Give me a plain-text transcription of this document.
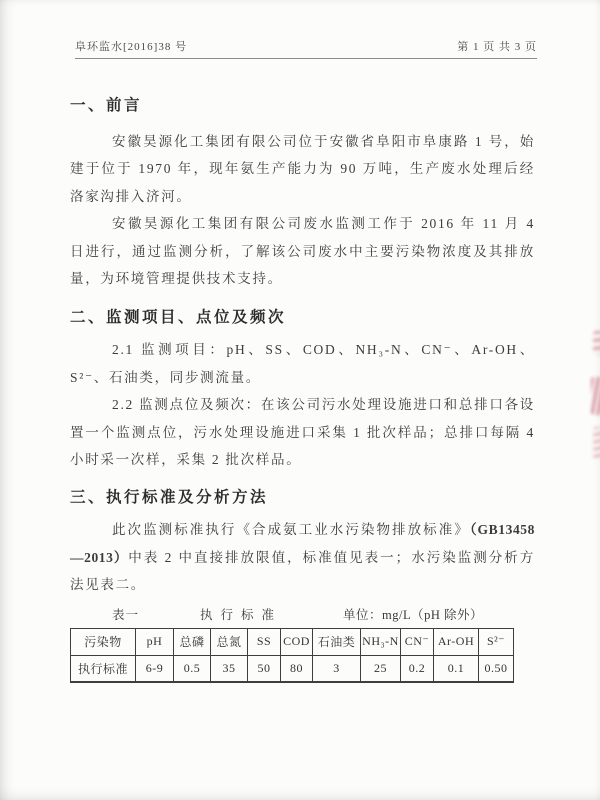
阜环监水[2016]38 号	第 1 页 共 3 页
一、前言

安徽昊源化工集团有限公司位于安徽省阜阳市阜康路 1 号，始建于位于 1970 年，现年氨生产能力为 90 万吨，生产废水处理后经洛家沟排入济河。

安徽昊源化工集团有限公司废水监测工作于 2016 年 11 月 4 日进行，通过监测分析，了解该公司废水中主要污染物浓度及其排放量，为环境管理提供技术支持。

二、监测项目、点位及频次

2.1 监测项目：pH、SS、COD、NH₃-N、CN⁻、Ar-OH、S²⁻、石油类，同步测流量。

2.2 监测点位及频次：在该公司污水处理设施进口和总排口各设置一个监测点位，污水处理设施进口采集 1 批次样品；总排口每隔 4 小时采一次样，采集 2 批次样品。

三、执行标准及分析方法

此次监测标准执行《合成氨工业水污染物排放标准》（GB13458—2013）中表 2 中直接排放限值，标准值见表一；水污染监测分析方法见表二。

表一	执行标准	单位：mg/L（pH 除外）
污染物	pH	总磷	总氮	SS	COD	石油类	NH₃-N	CN⁻	Ar-OH	S²⁻
执行标准	6-9	0.5	35	50	80	3	25	0.2	0.1	0.50
